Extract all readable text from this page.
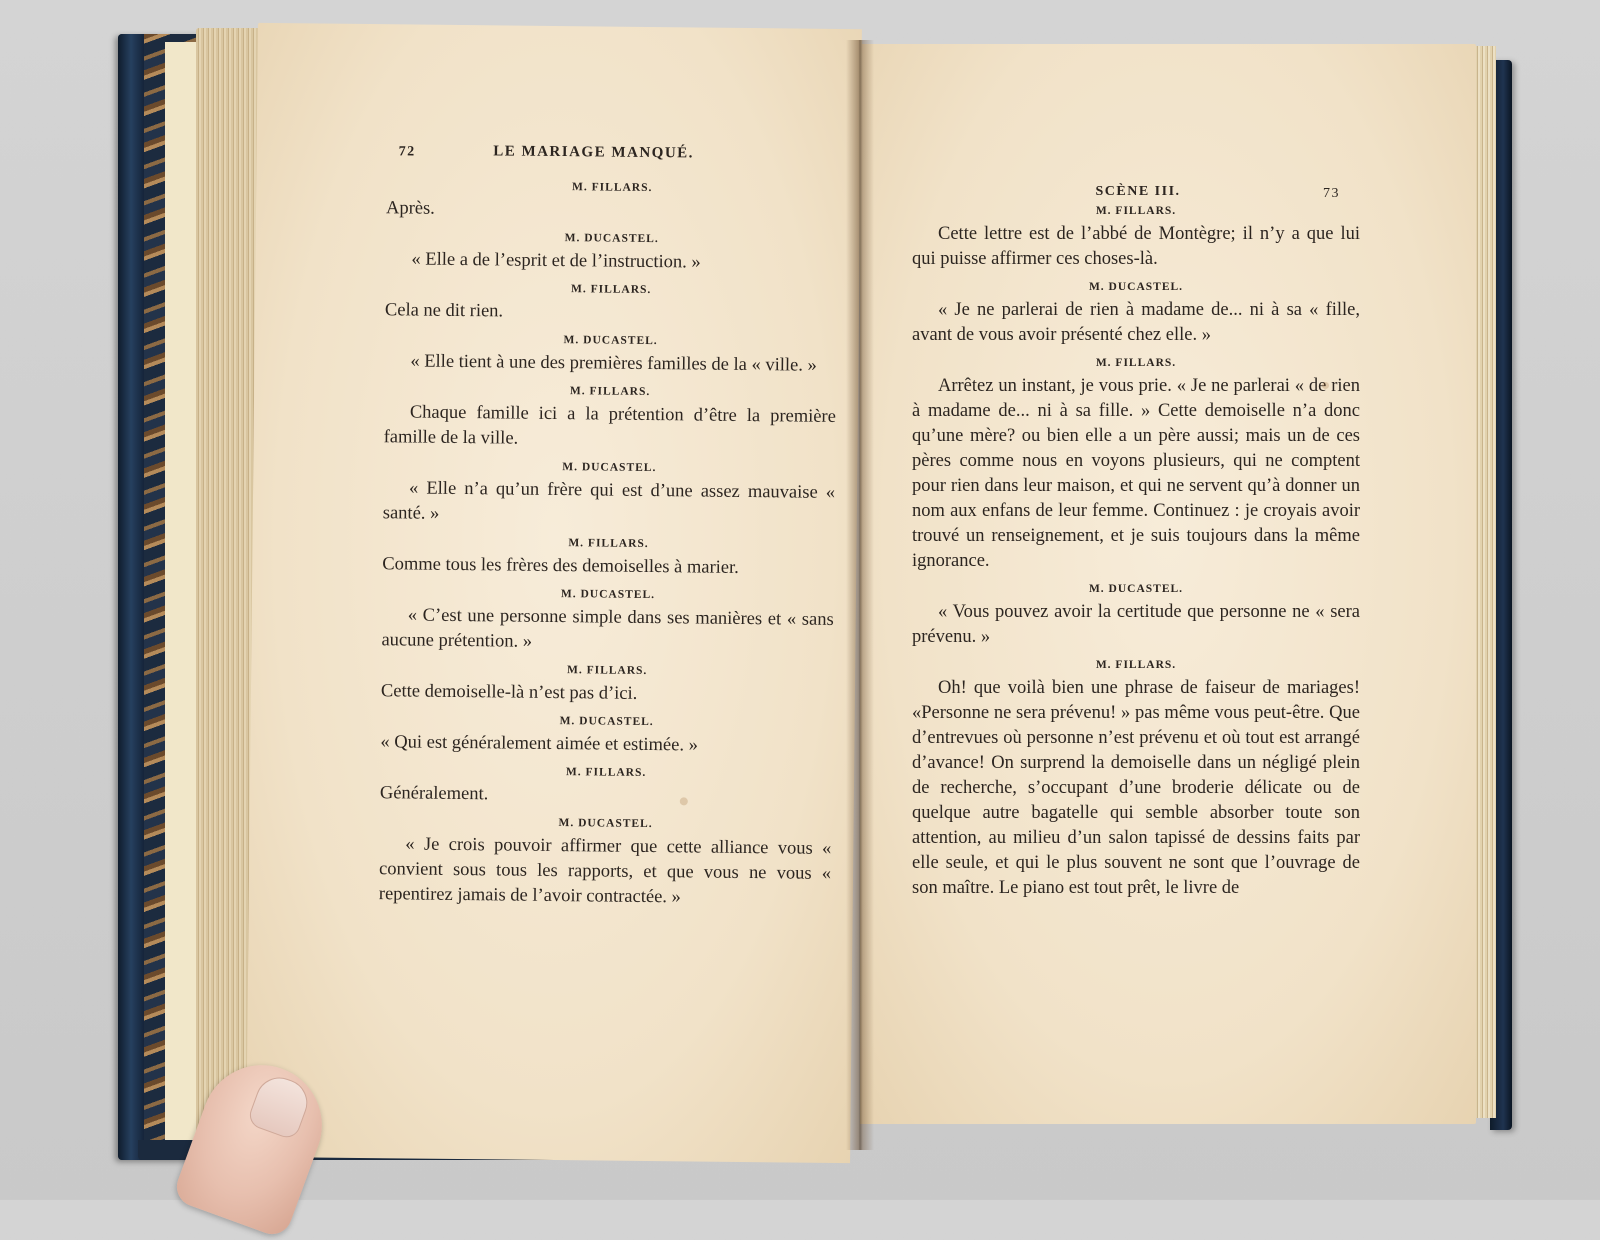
72	LE MARIAGE MANQUÉ.
M. FILLARS.

Après.

M. DUCASTEL.

« Elle a de l’esprit et de l’instruction. »

M. FILLARS.

Cela ne dit rien.

M. DUCASTEL.

« Elle tient à une des premières familles de la « ville. »

M. FILLARS.

Chaque famille ici a la prétention d’être la première famille de la ville.

M. DUCASTEL.

« Elle n’a qu’un frère qui est d’une assez mauvaise « santé. »

M. FILLARS.

Comme tous les frères des demoiselles à marier.

M. DUCASTEL.

« C’est une personne simple dans ses manières et « sans aucune prétention. »

M. FILLARS.

Cette demoiselle-là n’est pas d’ici.

M. DUCASTEL.

« Qui est généralement aimée et estimée. »

M. FILLARS.

Généralement.

M. DUCASTEL.

« Je crois pouvoir affirmer que cette alliance vous « convient sous tous les rapports, et que vous ne vous « repentirez jamais de l’avoir contractée. »

SCÈNE III.	73
M. FILLARS.

Cette lettre est de l’abbé de Montègre; il n’y a que lui qui puisse affirmer ces choses-là.

M. DUCASTEL.

« Je ne parlerai de rien à madame de... ni à sa « fille, avant de vous avoir présenté chez elle. »

M. FILLARS.

Arrêtez un instant, je vous prie. « Je ne parlerai « de rien à madame de... ni à sa fille. » Cette demoiselle n’a donc qu’une mère? ou bien elle a un père aussi; mais un de ces pères comme nous en voyons plusieurs, qui ne comptent pour rien dans leur maison, et qui ne servent qu’à donner un nom aux enfans de leur femme. Continuez : je croyais avoir trouvé un renseignement, et je suis toujours dans la même ignorance.

M. DUCASTEL.

« Vous pouvez avoir la certitude que personne ne « sera prévenu. »

M. FILLARS.

Oh! que voilà bien une phrase de faiseur de mariages! «Personne ne sera prévenu! » pas même vous peut-être. Que d’entrevues où personne n’est prévenu et où tout est arrangé d’avance! On surprend la demoiselle dans un négligé plein de recherche, s’occupant d’une broderie délicate ou de quelque autre bagatelle qui semble absorber toute son attention, au milieu d’un salon tapissé de dessins faits par elle seule, et qui le plus souvent ne sont que l’ouvrage de son maître. Le piano est tout prêt, le livre de
